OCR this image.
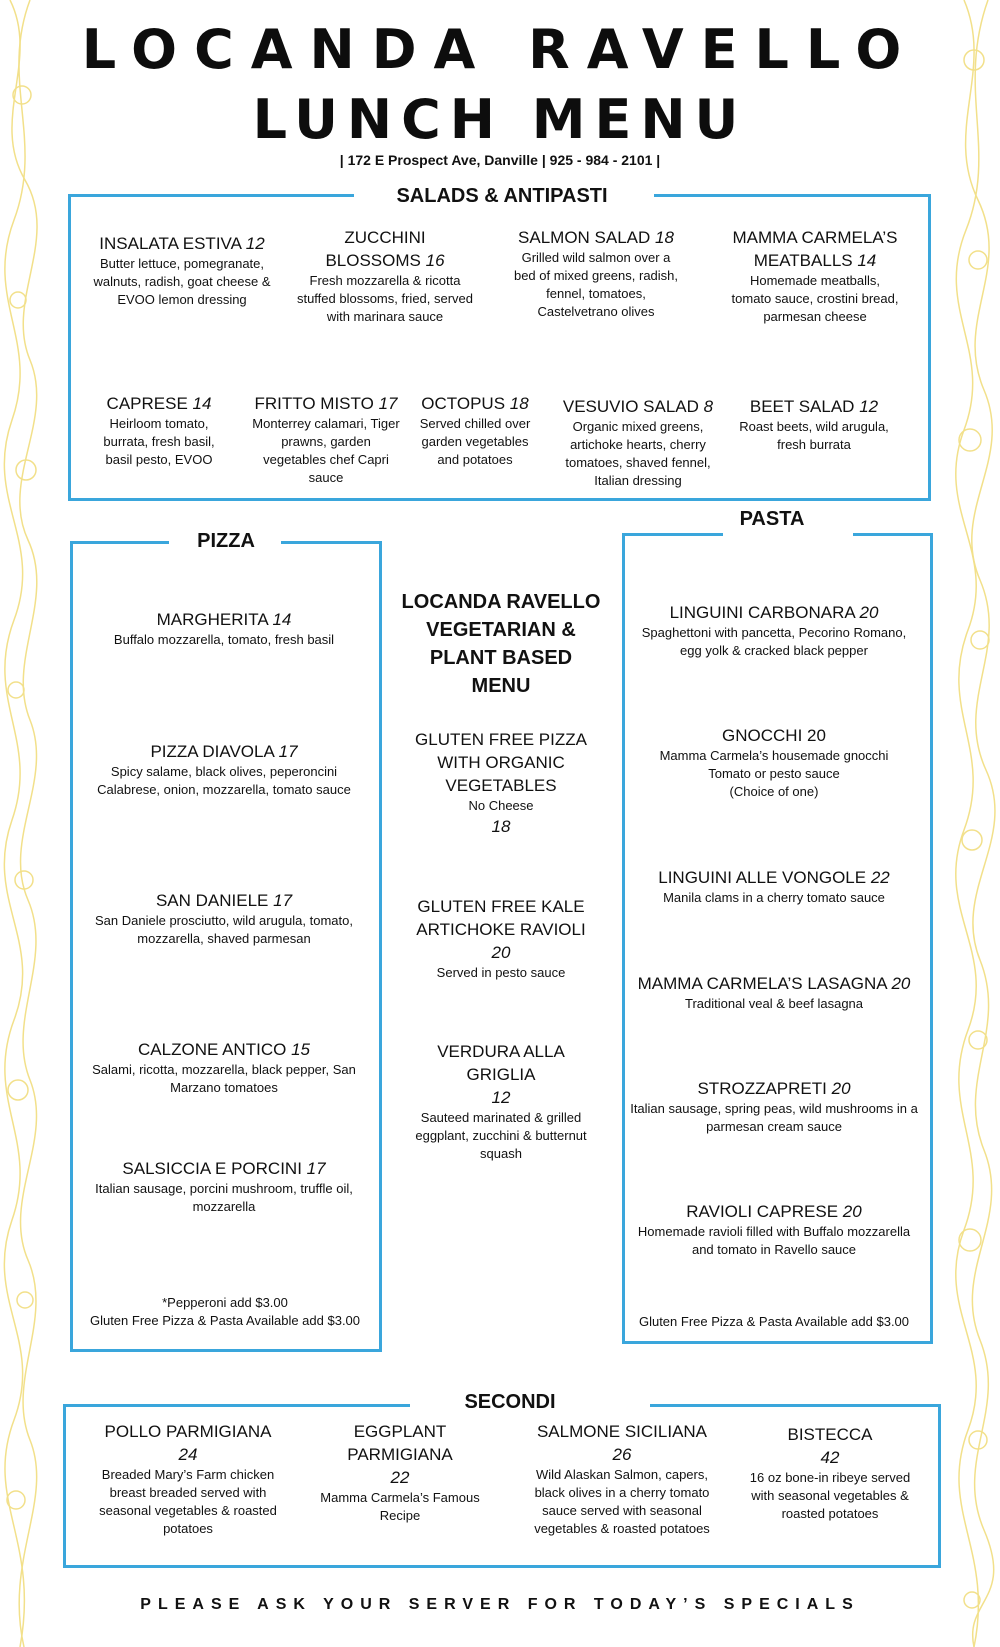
LOCANDA RAVELLO
LUNCH MENU
| 172 E Prospect Ave, Danville | 925 - 984 - 2101 |
SALADS & ANTIPASTI
INSALATA ESTIVA 12
Butter lettuce, pomegranate, walnuts, radish, goat cheese & EVOO lemon dressing
ZUCCHINI BLOSSOMS 16
Fresh mozzarella & ricotta stuffed blossoms, fried, served with marinara sauce
SALMON SALAD 18
Grilled wild salmon over a bed of mixed greens, radish, fennel, tomatoes, Castelvetrano olives
MAMMA CARMELA’S MEATBALLS 14
Homemade meatballs, tomato sauce, crostini bread, parmesan cheese
CAPRESE 14
Heirloom tomato, burrata, fresh basil, basil pesto, EVOO
FRITTO MISTO 17
Monterrey calamari, Tiger prawns, garden vegetables chef Capri sauce
OCTOPUS 18
Served chilled over garden vegetables and potatoes
VESUVIO SALAD 8
Organic mixed greens, artichoke hearts, cherry tomatoes, shaved fennel, Italian dressing
BEET SALAD 12
Roast beets, wild arugula, fresh burrata
PIZZA
MARGHERITA 14
Buffalo mozzarella, tomato, fresh basil
PIZZA DIAVOLA 17
Spicy salame, black olives, peperoncini Calabrese, onion, mozzarella, tomato sauce
SAN DANIELE 17
San Daniele prosciutto, wild arugula, tomato, mozzarella, shaved parmesan
CALZONE ANTICO 15
Salami, ricotta, mozzarella, black pepper, San Marzano tomatoes
SALSICCIA E PORCINI 17
Italian sausage, porcini mushroom, truffle oil, mozzarella
*Pepperoni add $3.00
Gluten Free Pizza & Pasta Available add $3.00
LOCANDA RAVELLO VEGETARIAN & PLANT BASED MENU
GLUTEN FREE PIZZA WITH ORGANIC VEGETABLES
No Cheese
18
GLUTEN FREE KALE ARTICHOKE RAVIOLI
20
Served in pesto sauce
VERDURA ALLA GRIGLIA
12
Sauteed marinated & grilled eggplant, zucchini & butternut squash
PASTA
LINGUINI CARBONARA 20
Spaghettoni with pancetta, Pecorino Romano, egg yolk & cracked black pepper
GNOCCHI 20
Mamma Carmela’s housemade gnocchi
Tomato or pesto sauce
(Choice of one)
LINGUINI ALLE VONGOLE 22
Manila clams in a cherry tomato sauce
MAMMA CARMELA’S LASAGNA 20
Traditional veal & beef lasagna
STROZZAPRETI 20
Italian sausage, spring peas, wild mushrooms in a parmesan cream sauce
RAVIOLI CAPRESE 20
Homemade ravioli filled with Buffalo mozzarella and tomato in Ravello sauce
Gluten Free Pizza & Pasta Available add $3.00
SECONDI
POLLO PARMIGIANA
24
Breaded Mary’s Farm chicken breast breaded served with seasonal vegetables & roasted potatoes
EGGPLANT PARMIGIANA
22
Mamma Carmela’s Famous Recipe
SALMONE SICILIANA
26
Wild Alaskan Salmon, capers, black olives in a cherry tomato sauce served with seasonal vegetables & roasted potatoes
BISTECCA
42
16 oz bone-in ribeye served with seasonal vegetables & roasted potatoes
PLEASE ASK YOUR SERVER FOR TODAY’S SPECIALS
